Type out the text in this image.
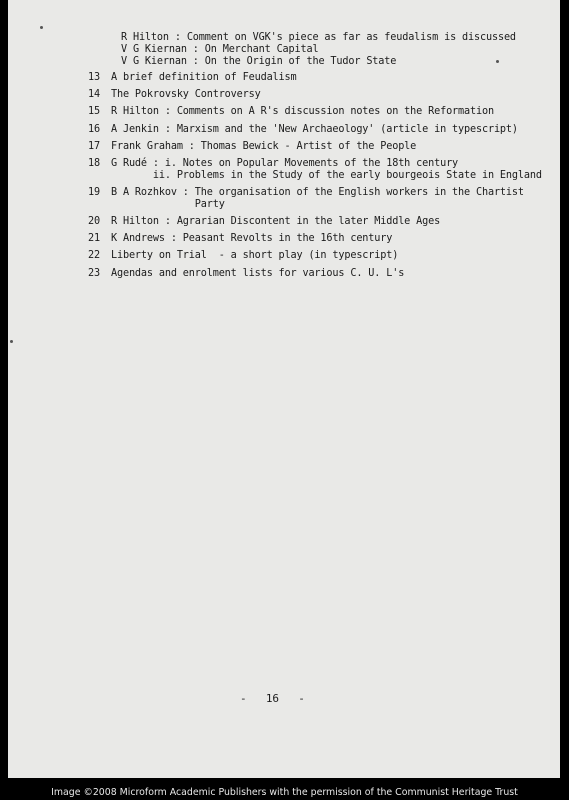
R Hilton : Comment on VGK's piece as far as feudalism is discussed
V G Kiernan : On Merchant Capital
V G Kiernan : On the Origin of the Tudor State
13	A brief definition of Feudalism
14	The Pokrovsky Controversy
15	R Hilton : Comments on A R's discussion notes on the Reformation
16	A Jenkin : Marxism and the 'New Archaeology' (article in typescript)
17	Frank Graham : Thomas Bewick - Artist of the People
18	G Rudé : i. Notes on Popular Movements of the 18th century
ii. Problems in the Study of the early bourgeois State in England
19	B A Rozhkov : The organisation of the English workers in the Chartist
Party
20	R Hilton : Agrarian Discontent in the later Middle Ages
21	K Andrews : Peasant Revolts in the 16th century
22	Liberty on Trial  - a short play (in typescript)
23	Agendas and enrolment lists for various C. U. L's
-   16   -
Image ©2008 Microform Academic Publishers with the permission of the Communist Heritage Trust
